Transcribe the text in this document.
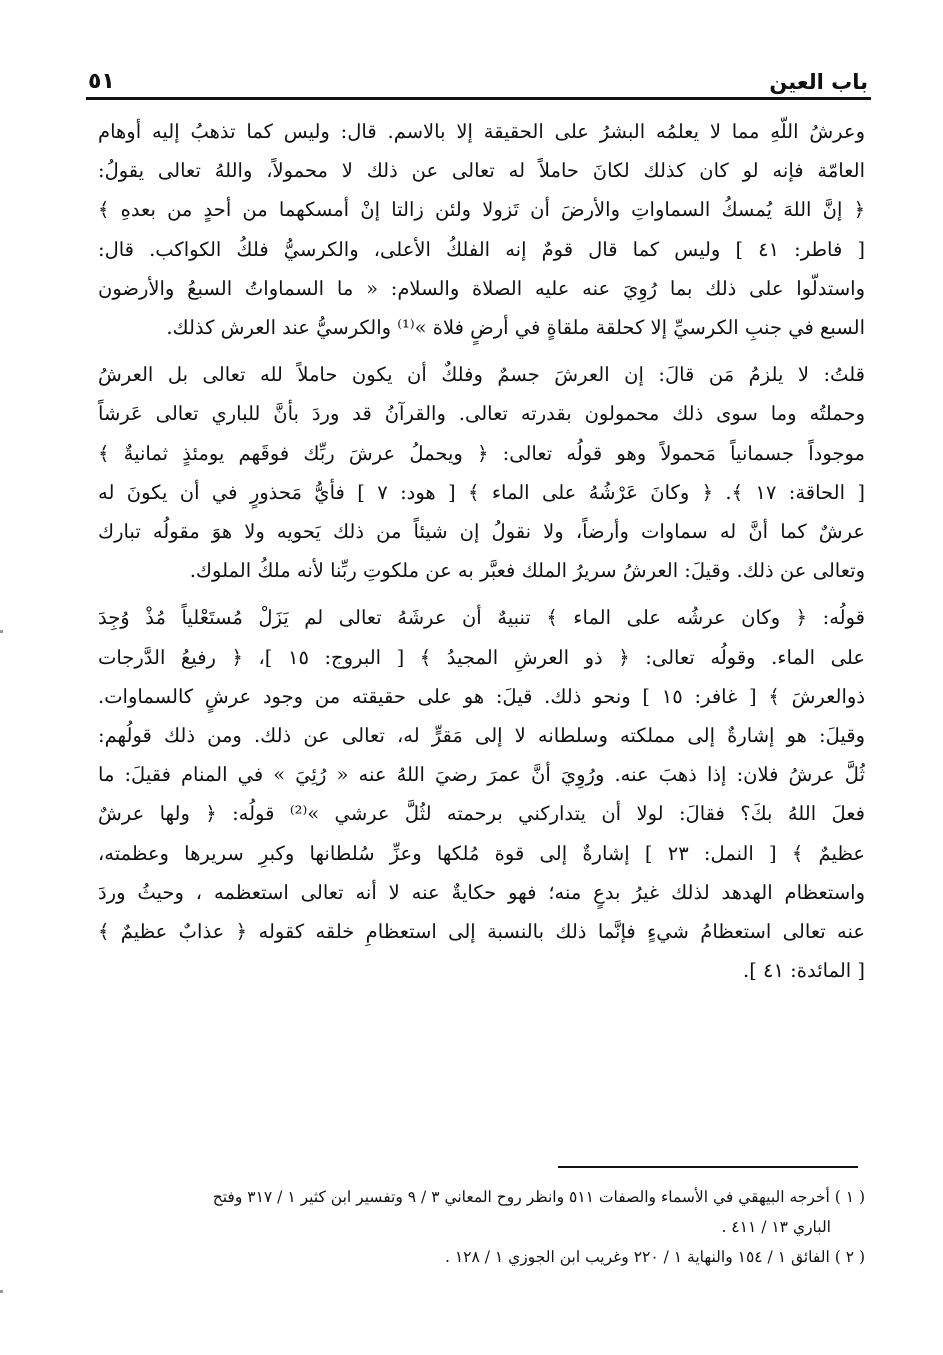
باب العين
٥١

وعرشُ اللّهِ مما لا يعلمُه البشرُ على الحقيقة إلا بالاسم. قال: وليس كما تذهبُ إليه أوهام
العامّة فإنه لو كان كذلك لكانَ حاملاً له تعالى عن ذلك لا محمولاً، واللهُ تعالى يقولُ:
﴿ إنَّ اللهَ يُمسكُ السماواتِ والأرضَ أن تَزولا ولئن زالتا إنْ أمسكهما من أحدٍ من بعدهِ ﴾
[ فاطر: ٤١ ] وليس كما قال قومٌ إنه الفلكُ الأعلى، والكرسيُّ فلكُ الكواكب. قال:
واستدلّوا على ذلك بما رُوِيَ عنه عليه الصلاة والسلام: « ما السماواتُ السبعُ والأرضون
السبع في جنبِ الكرسيِّ إلا كحلقة ملقاةٍ في أرضٍ فلاة »⁽¹⁾ والكرسيُّ عند العرش كذلك.

قلتُ: لا يلزمُ مَن قالَ: إن العرشَ جسمٌ وفلكٌ أن يكون حاملاً لله تعالى بل العرشُ
وحملتُه وما سوى ذلك محمولون بقدرته تعالى. والقرآنُ قد وردَ بأنَّ للباري تعالى عَرشاً
موجوداً جسمانياً مَحمولاً وهو قولُه تعالى: ﴿ ويحملُ عرشَ ربِّك فوقَهم يومئذٍ ثمانيةٌ ﴾
[ الحاقة: ١٧ ﴾. ﴿ وكانَ عَرْشُهُ على الماء ﴾ [ هود: ٧ ] فأيُّ مَحذورٍ في أن يكونَ له
عرشٌ كما أنَّ له سماوات وأرضاً، ولا نقولُ إن شيئاً من ذلك يَحويه ولا هوَ مقولُه تبارك
وتعالى عن ذلك. وقيلَ: العرشُ سريرُ الملك فعبَّر به عن ملكوتِ ربِّنا لأنه ملكُ الملوك.

قولُه: ﴿ وكان عرشُه على الماء ﴾ تنبيهٌ أن عرشَهُ تعالى لم يَزَلْ مُستَعْلياً مُذْ وُجِدَ
على الماء. وقولُه تعالى: ﴿ ذو العرشِ المجيدُ ﴾ [ البروج: ١٥ ]، ﴿ رفيعُ الدَّرجات
ذوالعرشَ ﴾ [ غافر: ١٥ ] ونحو ذلك. قيلَ: هو على حقيقته من وجود عرشٍ كالسماوات.
وقيلَ: هو إشارةٌ إلى مملكته وسلطانه لا إلى مَقرٍّ له، تعالى عن ذلك. ومن ذلك قولُهم:
ثُلَّ عرشُ فلان: إذا ذهبَ عنه. ورُوِيَ أنَّ عمرَ رضيَ اللهُ عنه « رُئِيَ » في المنام فقيلَ: ما
فعلَ اللهُ بكَ؟ فقالَ: لولا أن يتداركني برحمته لثُلَّ عرشي »⁽²⁾ قولُه: ﴿ ولها عرشٌ
عظيمٌ ﴾ [ النمل: ٢٣ ] إشارةٌ إلى قوة مُلكها وعزِّ سُلطانها وكبرِ سريرها وعظمته،
واستعظام الهدهد لذلك غيرُ بدعٍ منه؛ فهو حكايةٌ عنه لا أنه تعالى استعظمه ، وحيثُ وردَ
عنه تعالى استعظامُ شيءٍ فإنَّما ذلك بالنسبة إلى استعظامِ خلقه كقوله ﴿ عذابٌ عظيمٌ ﴾
[ المائدة: ٤١ ].

( ١ ) أخرجه البيهقي في الأسماء والصفات ٥١١ وانظر روح المعاني ٣ / ٩ وتفسير ابن كثير ١ / ٣١٧ وفتح
الباري ١٣ / ٤١١ .
( ٢ ) الفائق ١ / ١٥٤ والنهاية ١ / ٢٢٠ وغريب ابن الجوزي ١ / ١٢٨ .
